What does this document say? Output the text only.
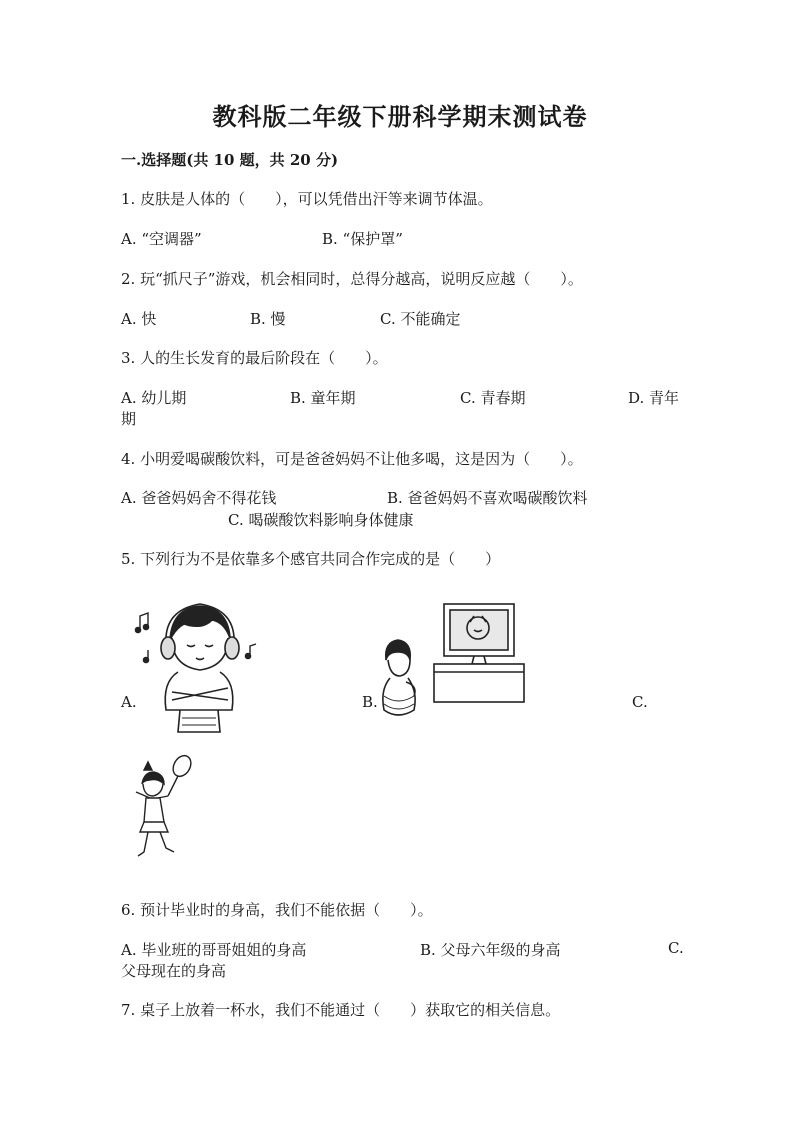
教科版二年级下册科学期末测试卷
一.选择题(共 10 题，共 20 分)
1. 皮肤是人体的（　　），可以凭借出汗等来调节体温。
A. “空调器”	B. “保护罩”
2. 玩“抓尺子”游戏，机会相同时，总得分越高，说明反应越（　　）。
A. 快	B. 慢	C. 不能确定
3. 人的生长发育的最后阶段在（　　）。
A. 幼儿期	B. 童年期	C. 青春期	D. 青年
期
4. 小明爱喝碳酸饮料，可是爸爸妈妈不让他多喝，这是因为（　　）。
A. 爸爸妈妈舍不得花钱	B. 爸爸妈妈不喜欢喝碳酸饮料
C. 喝碳酸饮料影响身体健康
5. 下列行为不是依靠多个感官共同合作完成的是（　　）
A.	B.	C.
6. 预计毕业时的身高，我们不能依据（　　）。
A. 毕业班的哥哥姐姐的身高	B. 父母六年级的身高	C.
父母现在的身高
7. 桌子上放着一杯水，我们不能通过（　　）获取它的相关信息。
